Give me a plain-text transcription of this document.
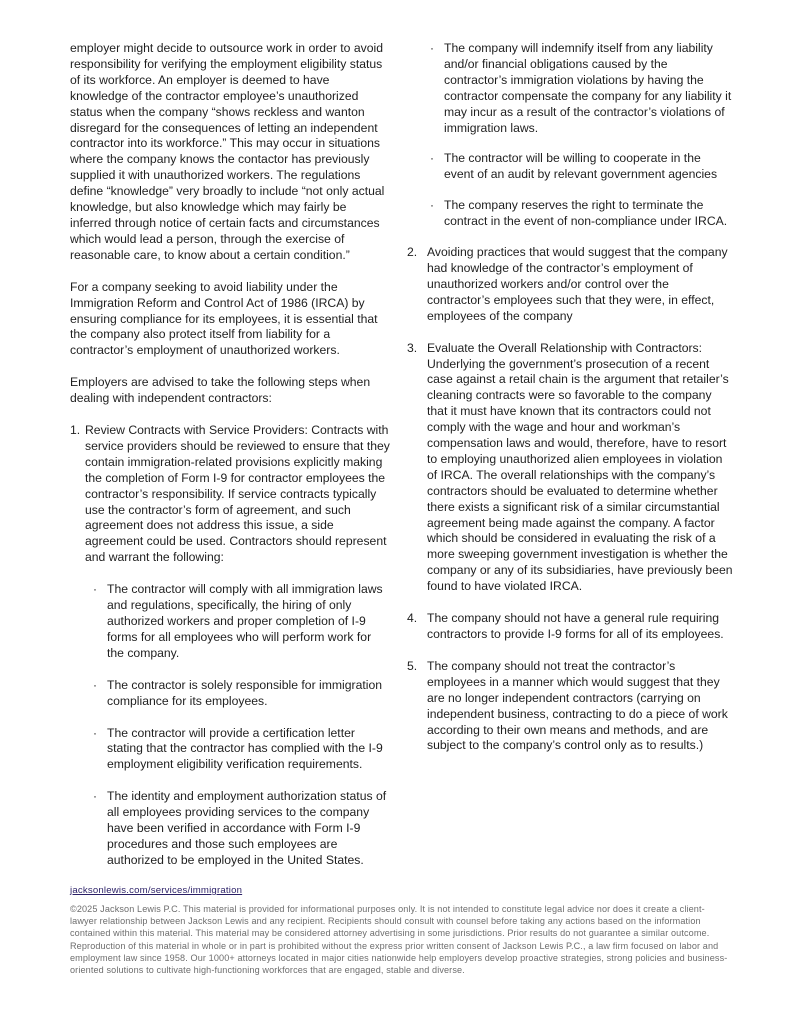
employer might decide to outsource work in order to avoid responsibility for verifying the employment eligibility status of its workforce. An employer is deemed to have knowledge of the contractor employee’s unauthorized status when the company “shows reckless and wanton disregard for the consequences of letting an independent contractor into its workforce.” This may occur in situations where the company knows the contactor has previously supplied it with unauthorized workers. The regulations define “knowledge” very broadly to include “not only actual knowledge, but also knowledge which may fairly be inferred through notice of certain facts and circumstances which would lead a person, through the exercise of reasonable care, to know about a certain condition.”

For a company seeking to avoid liability under the Immigration Reform and Control Act of 1986 (IRCA) by ensuring compliance for its employees, it is essential that the company also protect itself from liability for a contractor’s employment of unauthorized workers.

Employers are advised to take the following steps when dealing with independent contractors:

1. Review Contracts with Service Providers: Contracts with service providers should be reviewed to ensure that they contain immigration-related provisions explicitly making the completion of Form I-9 for contractor employees the contractor’s responsibility. If service contracts typically use the contractor’s form of agreement, and such agreement does not address this issue, a side agreement could be used. Contractors should represent and warrant the following:
· The contractor will comply with all immigration laws and regulations, specifically, the hiring of only authorized workers and proper completion of I-9 forms for all employees who will perform work for the company.
· The contractor is solely responsible for immigration compliance for its employees.
· The contractor will provide a certification letter stating that the contractor has complied with the I-9 employment eligibility verification requirements.
· The identity and employment authorization status of all employees providing services to the company have been verified in accordance with Form I-9 procedures and those such employees are authorized to be employed in the United States.
· The company will indemnify itself from any liability and/or financial obligations caused by the contractor’s immigration violations by having the contractor compensate the company for any liability it may incur as a result of the contractor’s violations of immigration laws.
· The contractor will be willing to cooperate in the event of an audit by relevant government agencies
· The company reserves the right to terminate the contract in the event of non-compliance under IRCA.
2. Avoiding practices that would suggest that the company had knowledge of the contractor’s employment of unauthorized workers and/or control over the contractor’s employees such that they were, in effect, employees of the company
3. Evaluate the Overall Relationship with Contractors: Underlying the government’s prosecution of a recent case against a retail chain is the argument that retailer’s cleaning contracts were so favorable to the company that it must have known that its contractors could not comply with the wage and hour and workman’s compensation laws and would, therefore, have to resort to employing unauthorized alien employees in violation of IRCA. The overall relationships with the company’s contractors should be evaluated to determine whether there exists a significant risk of a similar circumstantial agreement being made against the company. A factor which should be considered in evaluating the risk of a more sweeping government investigation is whether the company or any of its subsidiaries, have previously been found to have violated IRCA.
4. The company should not have a general rule requiring contractors to provide I-9 forms for all of its employees.
5. The company should not treat the contractor’s employees in a manner which would suggest that they are no longer independent contractors (carrying on independent business, contracting to do a piece of work according to their own means and methods, and are subject to the company’s control only as to results.)
jacksonlewis.com/services/immigration
©2025 Jackson Lewis P.C. This material is provided for informational purposes only. It is not intended to constitute legal advice nor does it create a client-lawyer relationship between Jackson Lewis and any recipient. Recipients should consult with counsel before taking any actions based on the information contained within this material. This material may be considered attorney advertising in some jurisdictions. Prior results do not guarantee a similar outcome. Reproduction of this material in whole or in part is prohibited without the express prior written consent of Jackson Lewis P.C., a law firm focused on labor and employment law since 1958. Our 1000+ attorneys located in major cities nationwide help employers develop proactive strategies, strong policies and business-oriented solutions to cultivate high-functioning workforces that are engaged, stable and diverse.
